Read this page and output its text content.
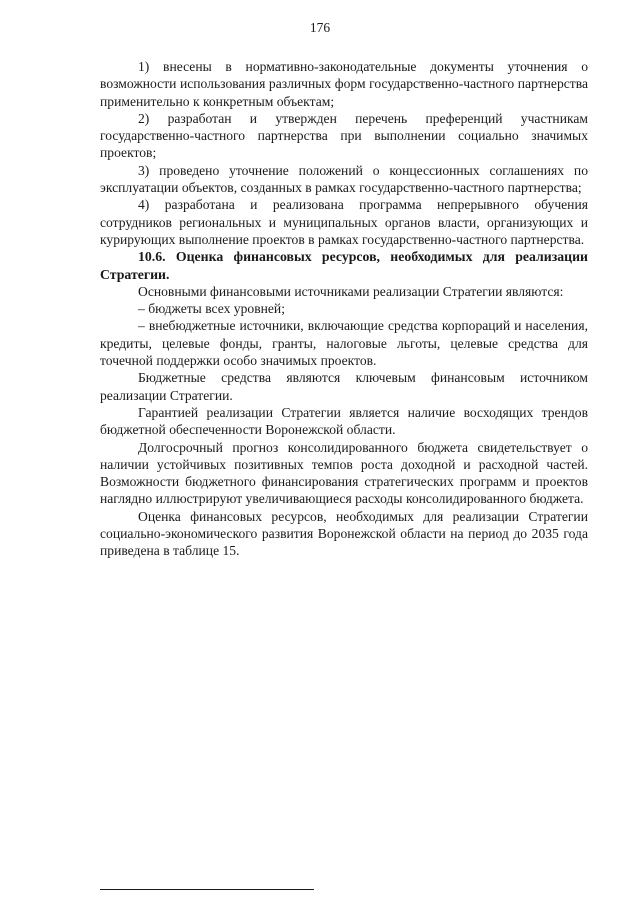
176

1) внесены в нормативно-законодательные документы уточнения о возможности использования различных форм государственно-частного партнерства применительно к конкретным объектам;

2) разработан и утвержден перечень преференций участникам государственно-частного партнерства при выполнении социально значимых проектов;

3) проведено уточнение положений о концессионных соглашениях по эксплуатации объектов, созданных в рамках государственно-частного партнерства;

4) разработана и реализована программа непрерывного обучения сотрудников региональных и муниципальных органов власти, организующих и курирующих выполнение проектов в рамках государственно-частного партнерства.

10.6. Оценка финансовых ресурсов, необходимых для реализации Стратегии.

Основными финансовыми источниками реализации Стратегии являются:

– бюджеты всех уровней;

– внебюджетные источники, включающие средства корпораций и населения, кредиты, целевые фонды, гранты, налоговые льготы, целевые средства для точечной поддержки особо значимых проектов.

Бюджетные средства являются ключевым финансовым источником реализации Стратегии.

Гарантией реализации Стратегии является наличие восходящих трендов бюджетной обеспеченности Воронежской области.

Долгосрочный прогноз консолидированного бюджета свидетельствует о наличии устойчивых позитивных темпов роста доходной и расходной частей. Возможности бюджетного финансирования стратегических программ и проектов наглядно иллюстрируют увеличивающиеся расходы консолидированного бюджета.

Оценка финансовых ресурсов, необходимых для реализации Стратегии социально-экономического развития Воронежской области на период до 2035 года приведена в таблице 15.
